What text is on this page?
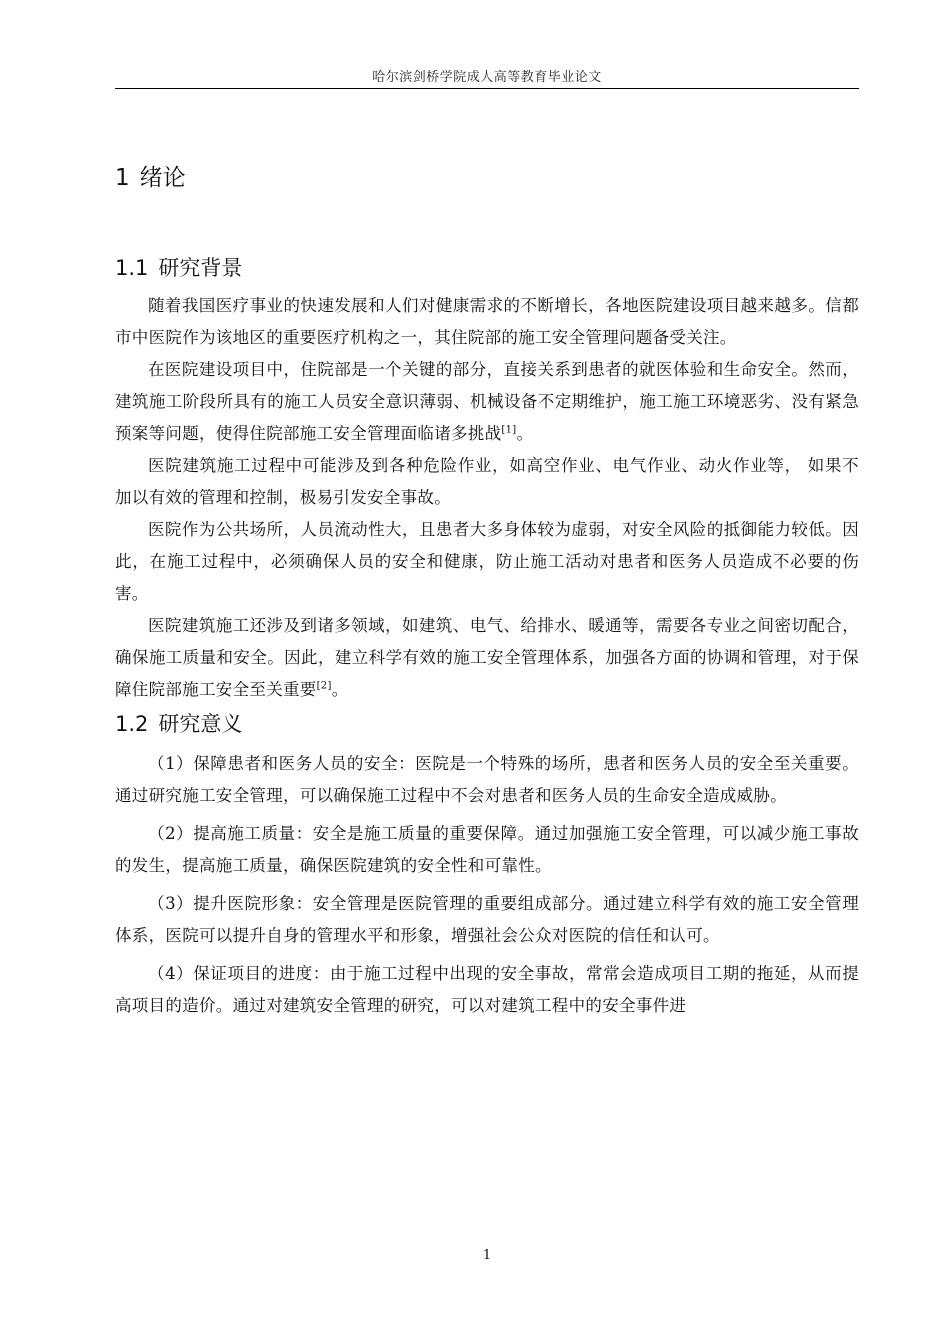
哈尔滨剑桥学院成人高等教育毕业论文
1 绪论
1.1 研究背景

随着我国医疗事业的快速发展和人们对健康需求的不断增长，各地医院建设项目越来越多。信都市中医院作为该地区的重要医疗机构之一，其住院部的施工安全管理问题备受关注。

在医院建设项目中，住院部是一个关键的部分，直接关系到患者的就医体验和生命安全。然而，建筑施工阶段所具有的施工人员安全意识薄弱、机械设备不定期维护，施工施工环境恶劣、没有紧急预案等问题，使得住院部施工安全管理面临诸多挑战[1]。

医院建筑施工过程中可能涉及到各种危险作业，如高空作业、电气作业、动火作业等， 如果不加以有效的管理和控制，极易引发安全事故。

医院作为公共场所，人员流动性大，且患者大多身体较为虚弱，对安全风险的抵御能力较低。因此，在施工过程中，必须确保人员的安全和健康，防止施工活动对患者和医务人员造成不必要的伤害。

医院建筑施工还涉及到诸多领域，如建筑、电气、给排水、暖通等，需要各专业之间密切配合，确保施工质量和安全。因此，建立科学有效的施工安全管理体系，加强各方面的协调和管理，对于保障住院部施工安全至关重要[2]。

1.2 研究意义

（1）保障患者和医务人员的安全：医院是一个特殊的场所，患者和医务人员的安全至关重要。通过研究施工安全管理，可以确保施工过程中不会对患者和医务人员的生命安全造成威胁。

（2）提高施工质量：安全是施工质量的重要保障。通过加强施工安全管理，可以减少施工事故的发生，提高施工质量，确保医院建筑的安全性和可靠性。

（3）提升医院形象：安全管理是医院管理的重要组成部分。通过建立科学有效的施工安全管理体系，医院可以提升自身的管理水平和形象，增强社会公众对医院的信任和认可。

（4）保证项目的进度：由于施工过程中出现的安全事故，常常会造成项目工期的拖延，从而提高项目的造价。通过对建筑安全管理的研究，可以对建筑工程中的安全事件进

1
